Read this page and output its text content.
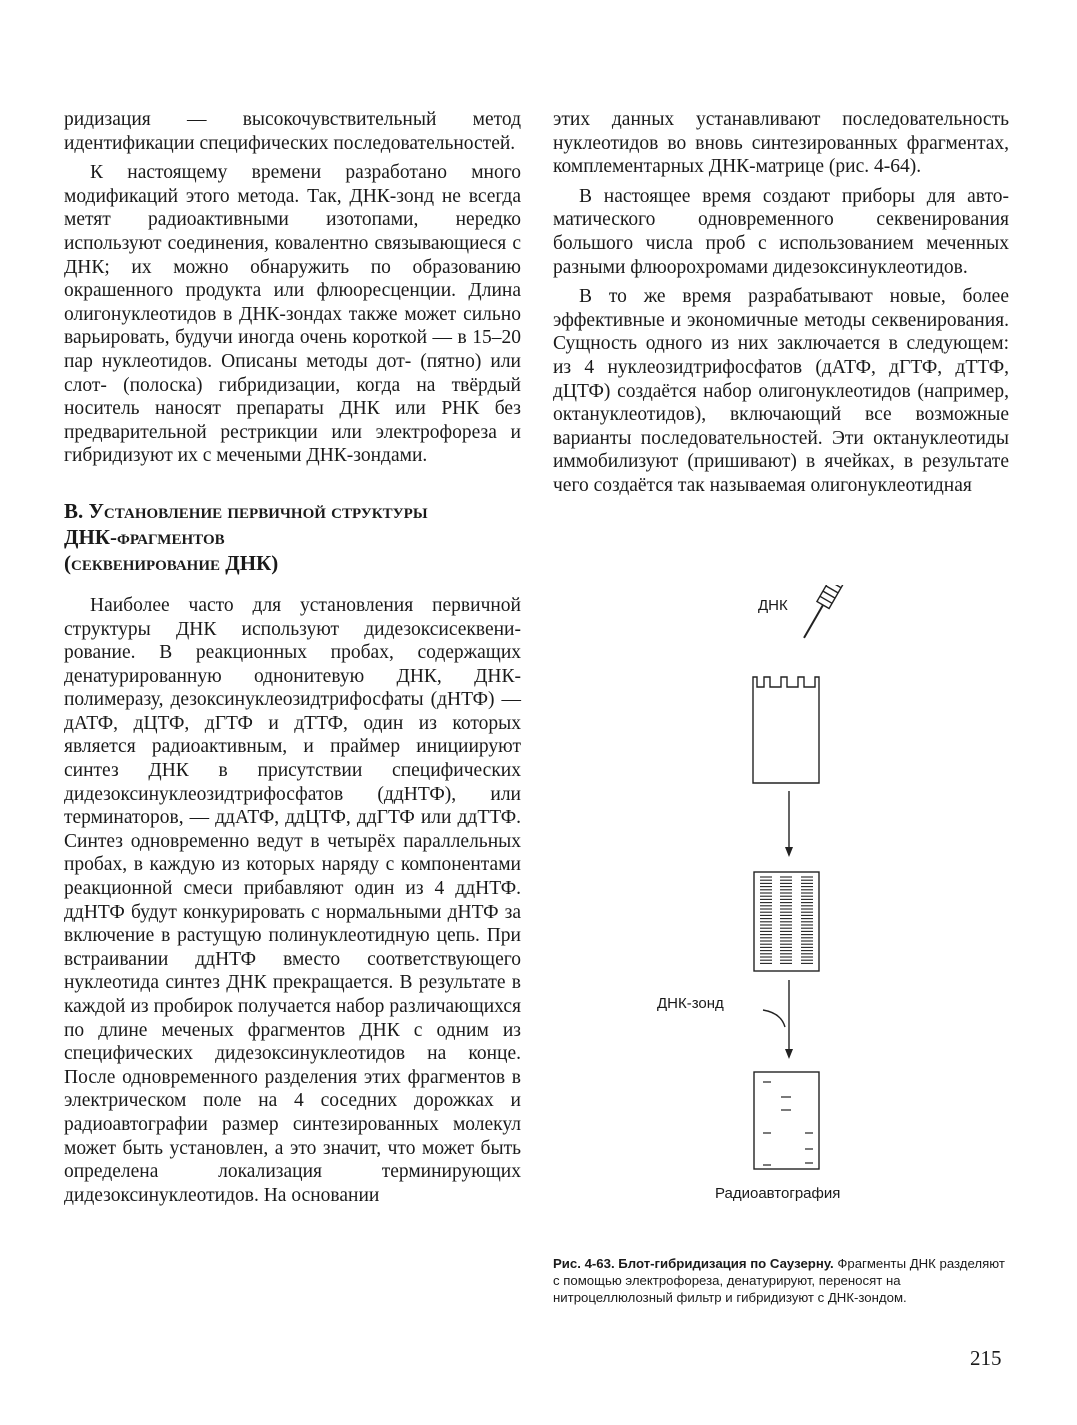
ридизация — высокочувствительный метод идентификации специфических последовательностей.

К настоящему времени разработано много модификаций этого метода. Так, ДНК-зонд не всегда метят радиоактивными изотопами, нередко используют соединения, ковалентно связывающиеся с ДНК; их можно обнаружить по образованию окрашенного продукта или флюоресценции. Длина олигонуклеотидов в ДНК-зондах также может сильно варьировать, будучи иногда очень короткой — в 15–20 пар нуклеотидов. Описаны методы дот- (пятно) или слот- (полоска) гибридизации, когда на твёрдый носитель наносят препараты ДНК или РНК без предварительной рестрикции или электрофореза и гибридизуют их с мечеными ДНК-зондами.

В. Установление первичной структуры
ДНК-фрагментов
(секвенирование ДНК)

Наиболее часто для установления первичной структуры ДНК используют дидезоксисеквенирование. В реакционных пробах, содержащих денатурированную однонитевую ДНК, ДНК-полимеразу, дезоксинуклеозидтрифосфаты (дНТФ) — дАТФ, дЦТФ, дГТФ и дТТФ, один из которых является радиоактивным, и праймер инициируют синтез ДНК в присутствии специфических дидезоксинуклеозидтрифосфатов (ддНТФ), или терминаторов, — ддАТФ, ддЦТФ, ддГТФ или ддТТФ. Синтез одновременно ведут в четырёх параллельных пробах, в каждую из которых наряду с компонентами реакционной смеси прибавляют один из 4 ддНТФ. ддНТФ будут конкурировать с нормальными дНТФ за включение в растущую полинуклеотидную цепь. При встраивании ддНТФ вместо соответствующего нуклеотида синтез ДНК прекращается. В результате в каждой из пробирок получается набор различающихся по длине меченых фрагментов ДНК с одним из специфических дидезоксинуклеотидов на конце. После одновременного разделения этих фрагментов в электрическом поле на 4 соседних дорожках и радиоавтографии размер синтезированных молекул может быть установлен, а это значит, что может быть определена локализация терминирующих дидезоксинуклеотидов. На основании

этих данных устанавливают последовательность нуклеотидов во вновь синтезированных фрагментах, комплементарных ДНК-матрице (рис. 4-64).

В настоящее время создают приборы для автоматического одновременного секвенирования большого числа проб с использованием меченных разными флюорохромами дидезоксинуклеотидов.

В то же время разрабатывают новые, более эффективные и экономичные методы секвенирования. Сущность одного из них заключается в следующем: из 4 нуклеозидтрифосфатов (дАТФ, дГТФ, дТТФ, дЦТФ) создаётся набор олигонуклеотидов (например, октануклеотидов), включающий все возможные варианты последовательностей. Эти октануклеотиды иммобилизуют (пришивают) в ячейках, в результате чего создаётся так называемая олигонуклеотидная

ДНК
ДНК-зонд
Радиоавтография
Рис. 4-63. Блот-гибридизация по Саузерну. Фрагменты ДНК разделяют с помощью электрофореза, денатурируют, переносят на нитроцеллюлозный фильтр и гибридизуют с ДНК-зондом.
215
